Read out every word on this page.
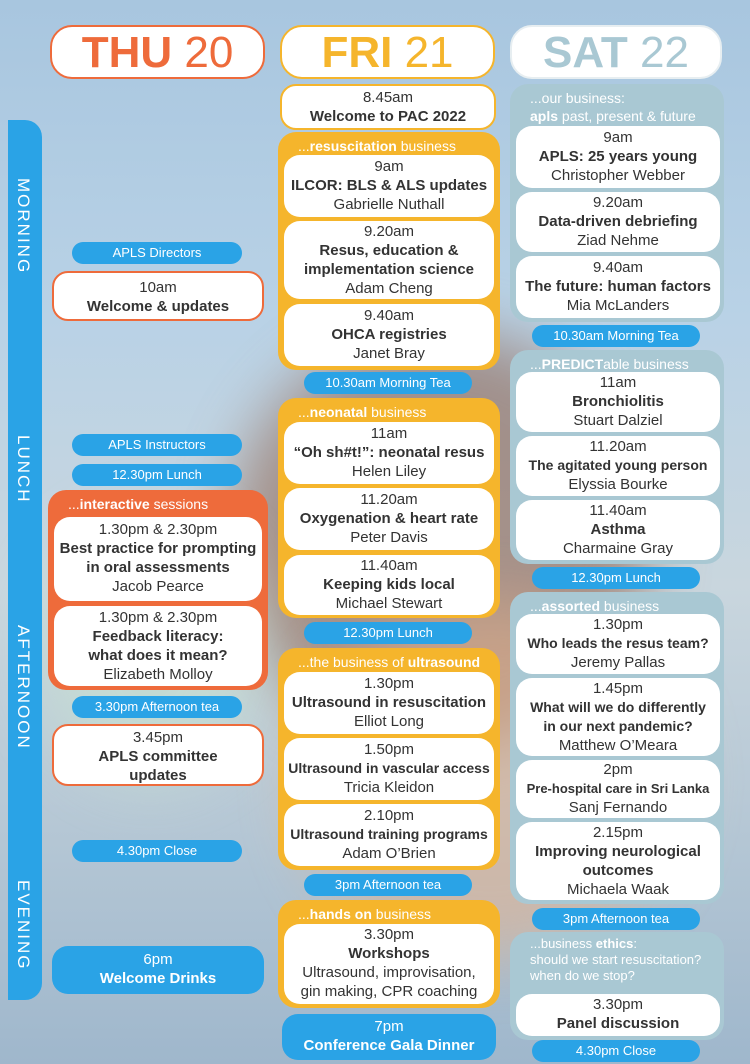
THU 20	FRI 21	SAT 22
MORNING
LUNCH
AFTERNOON
EVENING
APLS Directors
10am
Welcome & updates
APLS Instructors
12.30pm Lunch
...interactive sessions
1.30pm & 2.30pm
Best practice for prompting
in oral assessments
Jacob Pearce
1.30pm & 2.30pm
Feedback literacy:
what does it mean?
Elizabeth Molloy
3.30pm Afternoon tea
3.45pm
APLS committee
updates
4.30pm Close
6pm
Welcome Drinks
8.45am
Welcome to PAC 2022
...resuscitation business
9am
ILCOR: BLS & ALS updates
Gabrielle Nuthall
9.20am
Resus, education &
implementation science
Adam Cheng
9.40am
OHCA registries
Janet Bray
10.30am Morning Tea
...neonatal business
11am
“Oh sh#t!”: neonatal resus
Helen Liley
11.20am
Oxygenation & heart rate
Peter Davis
11.40am
Keeping kids local
Michael Stewart
12.30pm Lunch
...the business of ultrasound
1.30pm
Ultrasound in resuscitation
Elliot Long
1.50pm
Ultrasound in vascular access
Tricia Kleidon
2.10pm
Ultrasound training programs
Adam O’Brien
3pm Afternoon tea
...hands on business
3.30pm
Workshops
Ultrasound, improvisation,
gin making, CPR coaching
7pm
Conference Gala Dinner
...our business:
apls past, present & future
9am
APLS: 25 years young
Christopher Webber
9.20am
Data-driven debriefing
Ziad Nehme
9.40am
The future: human factors
Mia McLanders
10.30am Morning Tea
...PREDICTable business
11am
Bronchiolitis
Stuart Dalziel
11.20am
The agitated young person
Elyssia Bourke
11.40am
Asthma
Charmaine Gray
12.30pm Lunch
...assorted business
1.30pm
Who leads the resus team?
Jeremy Pallas
1.45pm
What will we do differently
in our next pandemic?
Matthew O’Meara
2pm
Pre-hospital care in Sri Lanka
Sanj Fernando
2.15pm
Improving neurological
outcomes
Michaela Waak
3pm Afternoon tea
...business ethics:
should we start resuscitation?
when do we stop?
3.30pm
Panel discussion
4.30pm Close
